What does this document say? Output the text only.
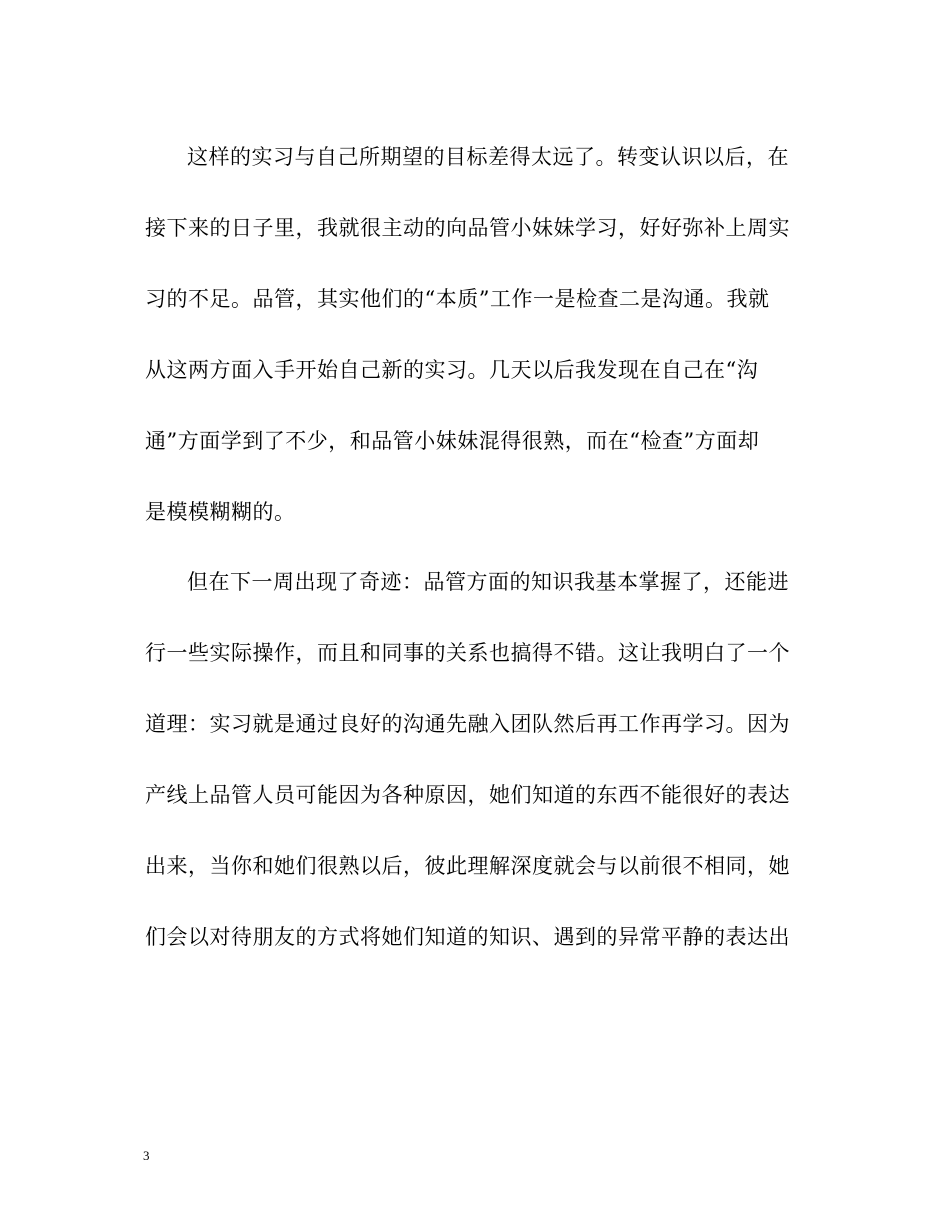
这样的实习与自己所期望的目标差得太远了。转变认识以后，在
接下来的日子里，我就很主动的向品管小妹妹学习，好好弥补上周实
习的不足。品管，其实他们的“本质”工作一是检查二是沟通。我就
从这两方面入手开始自己新的实习。几天以后我发现在自己在“沟
通”方面学到了不少，和品管小妹妹混得很熟，而在“检查”方面却
是模模糊糊的。
但在下一周出现了奇迹：品管方面的知识我基本掌握了，还能进
行一些实际操作，而且和同事的关系也搞得不错。这让我明白了一个
道理：实习就是通过良好的沟通先融入团队然后再工作再学习。因为
产线上品管人员可能因为各种原因，她们知道的东西不能很好的表达
出来，当你和她们很熟以后，彼此理解深度就会与以前很不相同，她
们会以对待朋友的方式将她们知道的知识、遇到的异常平静的表达出
3
